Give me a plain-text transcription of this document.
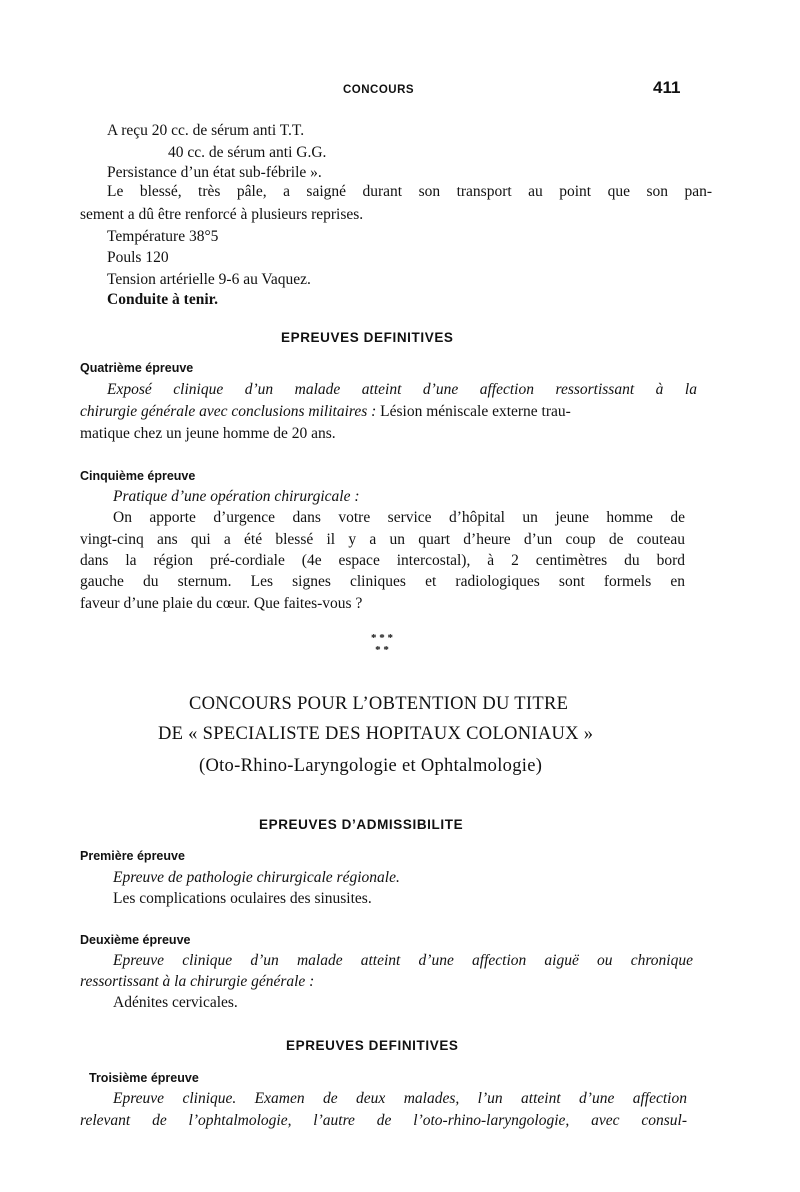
CONCOURS	411
A reçu 20 cc. de sérum anti T.T.
40 cc. de sérum anti G.G.
Persistance d’un état sub-fébrile ».
Le blessé, très pâle, a saigné durant son transport au point que son pan-
sement a dû être renforcé à plusieurs reprises.
Température 38°5
Pouls 120
Tension artérielle 9-6 au Vaquez.
Conduite à tenir.
EPREUVES DEFINITIVES
Quatrième épreuve
Exposé clinique d’un malade atteint d’une affection ressortissant à la
chirurgie générale avec conclusions militaires : Lésion méniscale externe trau-
matique chez un jeune homme de 20 ans.
Cinquième épreuve
Pratique d’une opération chirurgicale :
On apporte d’urgence dans votre service d’hôpital un jeune homme de
vingt-cinq ans qui a été blessé il y a un quart d’heure d’un coup de couteau
dans la région pré-cordiale (4e espace intercostal), à 2 centimètres du bord
gauche du sternum. Les signes cliniques et radiologiques sont formels en
faveur d’une plaie du cœur. Que faites-vous ?
* * *
* *
CONCOURS POUR L’OBTENTION DU TITRE
DE « SPECIALISTE DES HOPITAUX COLONIAUX »
(Oto-Rhino-Laryngologie et Ophtalmologie)
EPREUVES D’ADMISSIBILITE
Première épreuve
Epreuve de pathologie chirurgicale régionale.
Les complications oculaires des sinusites.
Deuxième épreuve
Epreuve clinique d’un malade atteint d’une affection aiguë ou chronique
ressortissant à la chirurgie générale :
Adénites cervicales.
EPREUVES DEFINITIVES
Troisième épreuve
Epreuve clinique. Examen de deux malades, l’un atteint d’une affection
relevant de l’ophtalmologie, l’autre de l’oto-rhino-laryngologie, avec consul-
